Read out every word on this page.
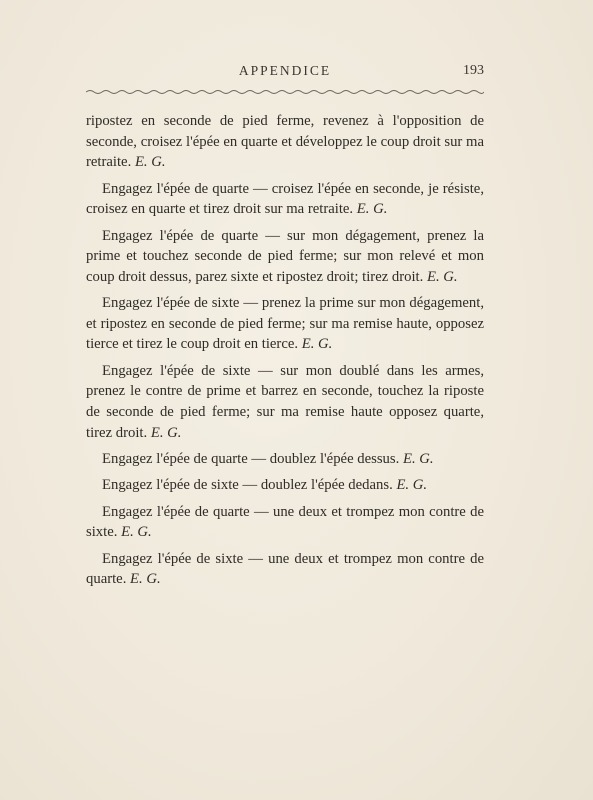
APPENDICE	193

ripostez en seconde de pied ferme, revenez à l'opposition de seconde, croisez l'épée en quarte et développez le coup droit sur ma retraite. E. G.

Engagez l'épée de quarte — croisez l'épée en seconde, je résiste, croisez en quarte et tirez droit sur ma retraite. E. G.

Engagez l'épée de quarte — sur mon dégagement, prenez la prime et touchez seconde de pied ferme; sur mon relevé et mon coup droit dessus, parez sixte et ripostez droit; tirez droit. E. G.

Engagez l'épée de sixte — prenez la prime sur mon dégagement, et ripostez en seconde de pied ferme; sur ma remise haute, opposez tierce et tirez le coup droit en tierce. E. G.

Engagez l'épée de sixte — sur mon doublé dans les armes, prenez le contre de prime et barrez en seconde, touchez la riposte de seconde de pied ferme; sur ma remise haute opposez quarte, tirez droit. E. G.

Engagez l'épée de quarte — doublez l'épée dessus. E. G.

Engagez l'épée de sixte — doublez l'épée dedans. E. G.

Engagez l'épée de quarte — une deux et trompez mon contre de sixte. E. G.

Engagez l'épée de sixte — une deux et trompez mon contre de quarte. E. G.
